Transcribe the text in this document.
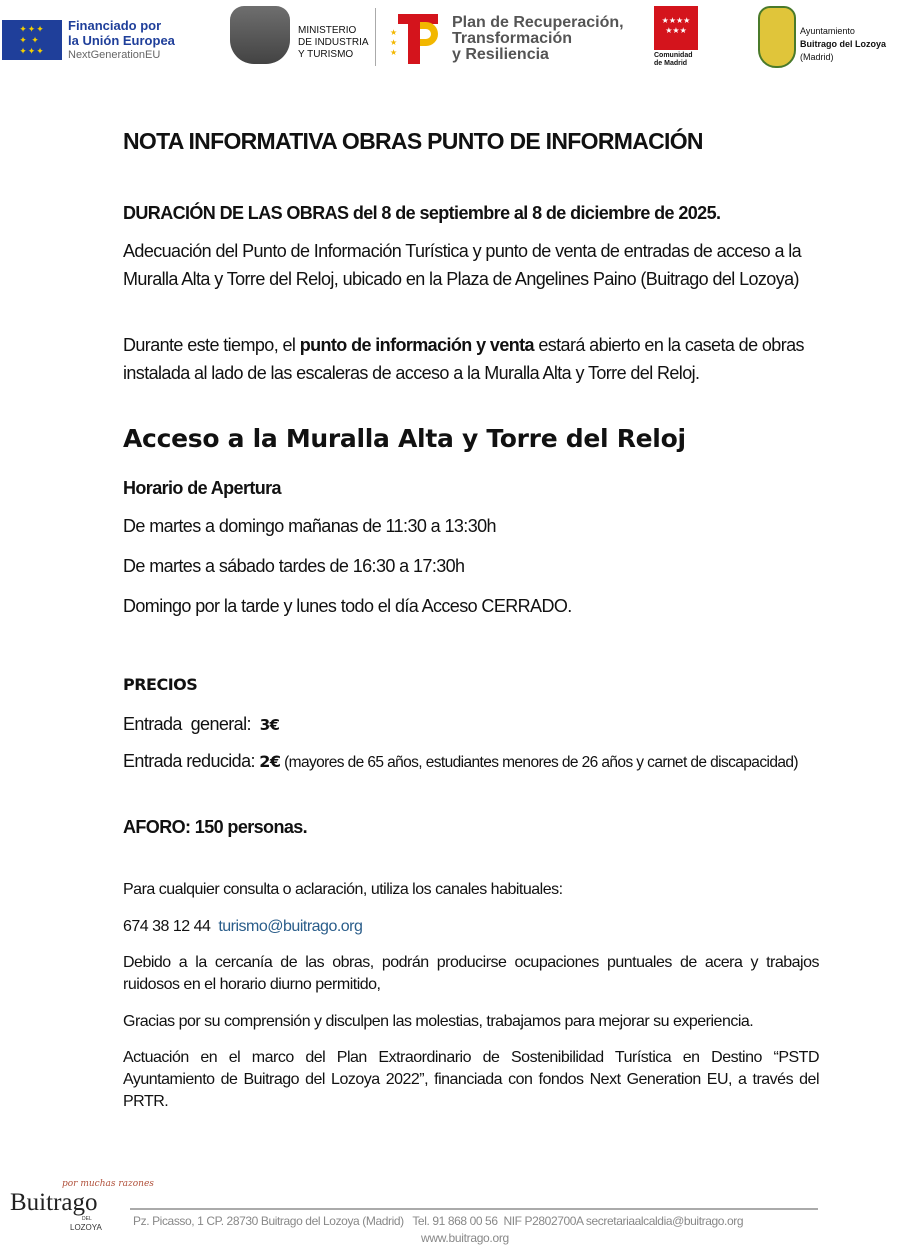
✦✦✦
✦ ✦
✦✦✦
Financiado por
la Unión Europea
NextGenerationEU
MINISTERIO
DE INDUSTRIA
Y TURISMO
★
★
★
Plan de Recuperación,
Transformación
y Resiliencia
★★★★
★★★
Comunidad
de Madrid
Ayuntamiento
Buitrago del Lozoya
(Madrid)
NOTA INFORMATIVA OBRAS PUNTO DE INFORMACIÓN
DURACIÓN DE LAS OBRAS del 8 de septiembre al 8 de diciembre de 2025.

Adecuación del Punto de Información Turística y punto de venta de entradas de acceso a la Muralla Alta y Torre del Reloj, ubicado en la Plaza de Angelines Paino (Buitrago del Lozoya)

Durante este tiempo, el punto de información y venta estará abierto en la caseta de obras instalada al lado de las escaleras de acceso a la Muralla Alta y Torre del Reloj.

Acceso a la Muralla Alta y Torre del Reloj
Horario de Apertura
De martes a domingo mañanas de 11:30 a 13:30h
De martes a sábado tardes de 16:30 a 17:30h
Domingo por la tarde y lunes todo el día Acceso CERRADO.
PRECIOS
Entrada  general:  3€
Entrada reducida: 2€ (mayores de 65 años, estudiantes menores de 26 años y carnet de discapacidad)
AFORO: 150 personas.
Para cualquier consulta o aclaración, utiliza los canales habituales:
674 38 12 44  turismo@buitrago.org

Debido a la cercanía de las obras, podrán producirse ocupaciones puntuales de acera y trabajos ruidosos en el horario diurno permitido,

Gracias por su comprensión y disculpen las molestias, trabajamos para mejorar su experiencia.

Actuación en el marco del Plan Extraordinario de Sostenibilidad Turística en Destino “PSTD Ayuntamiento de Buitrago del Lozoya 2022”, financiada con fondos Next Generation EU, a través del PRTR.

por muchas razones
Buitrago
DEL
LOZOYA	Pz. Picasso, 1 CP. 28730 Buitrago del Lozoya (Madrid)   Tel. 91 868 00 56  NIF P2802700A secretariaalcaldia@buitrago.org
www.buitrago.org
